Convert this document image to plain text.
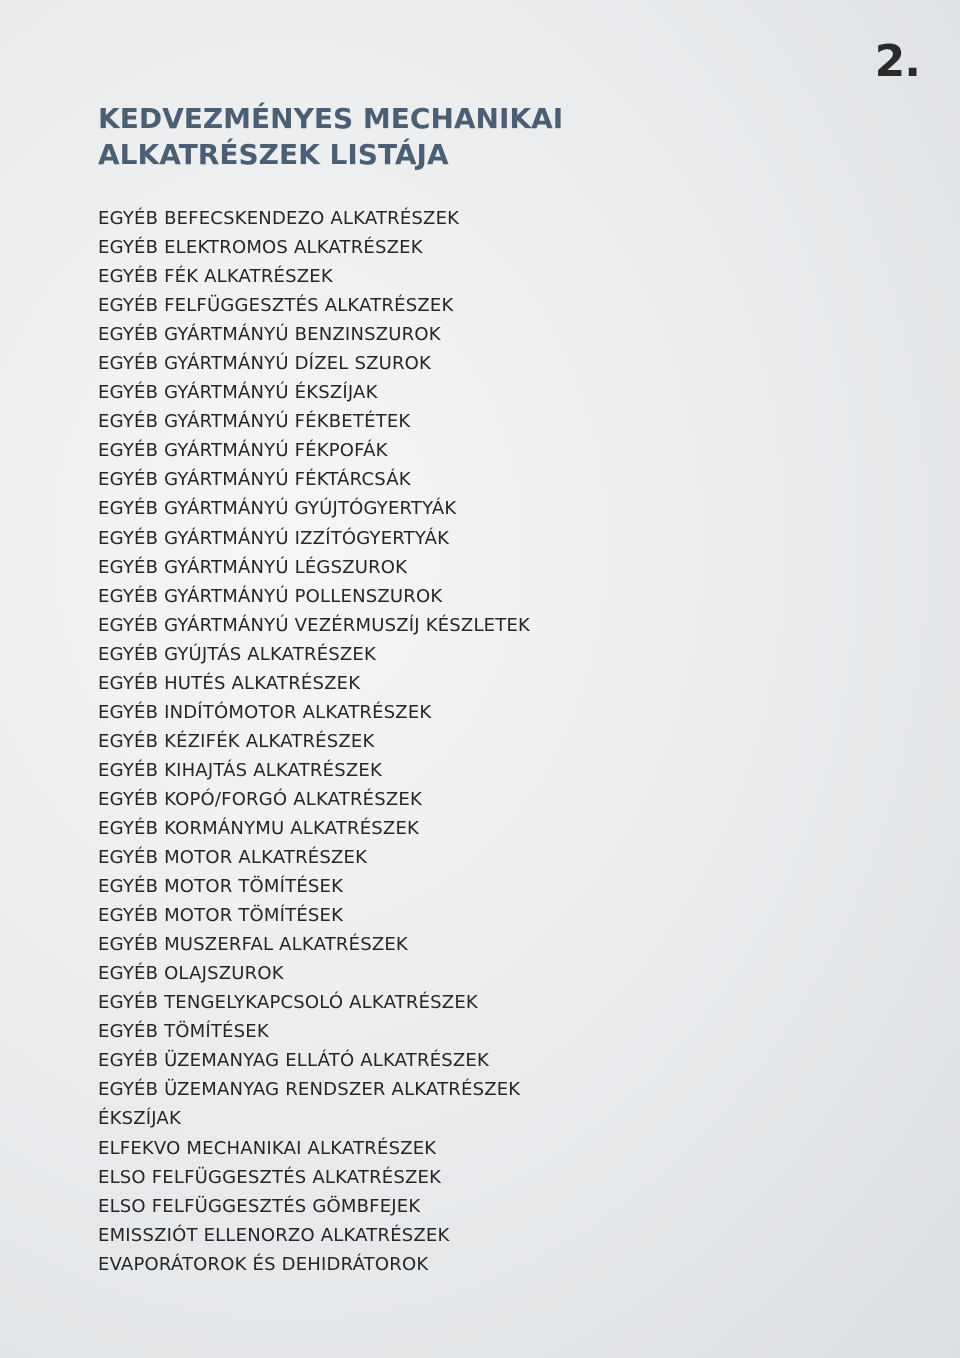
2.
KEDVEZMÉNYES MECHANIKAI
ALKATRÉSZEK LISTÁJA
EGYÉB BEFECSKENDEZO ALKATRÉSZEK
EGYÉB ELEKTROMOS ALKATRÉSZEK
EGYÉB FÉK ALKATRÉSZEK
EGYÉB FELFÜGGESZTÉS ALKATRÉSZEK
EGYÉB GYÁRTMÁNYÚ BENZINSZUROK
EGYÉB GYÁRTMÁNYÚ DÍZEL SZUROK
EGYÉB GYÁRTMÁNYÚ ÉKSZÍJAK
EGYÉB GYÁRTMÁNYÚ FÉKBETÉTEK
EGYÉB GYÁRTMÁNYÚ FÉKPOFÁK
EGYÉB GYÁRTMÁNYÚ FÉKTÁRCSÁK
EGYÉB GYÁRTMÁNYÚ GYÚJTÓGYERTYÁK
EGYÉB GYÁRTMÁNYÚ IZZÍTÓGYERTYÁK
EGYÉB GYÁRTMÁNYÚ LÉGSZUROK
EGYÉB GYÁRTMÁNYÚ POLLENSZUROK
EGYÉB GYÁRTMÁNYÚ VEZÉRMUSZÍJ KÉSZLETEK
EGYÉB GYÚJTÁS ALKATRÉSZEK
EGYÉB HUTÉS ALKATRÉSZEK
EGYÉB INDÍTÓMOTOR ALKATRÉSZEK
EGYÉB KÉZIFÉK ALKATRÉSZEK
EGYÉB KIHAJTÁS ALKATRÉSZEK
EGYÉB KOPÓ/FORGÓ ALKATRÉSZEK
EGYÉB KORMÁNYMU ALKATRÉSZEK
EGYÉB MOTOR ALKATRÉSZEK
EGYÉB MOTOR TÖMÍTÉSEK
EGYÉB MOTOR TÖMÍTÉSEK
EGYÉB MUSZERFAL ALKATRÉSZEK
EGYÉB OLAJSZUROK
EGYÉB TENGELYKAPCSOLÓ ALKATRÉSZEK
EGYÉB TÖMÍTÉSEK
EGYÉB ÜZEMANYAG ELLÁTÓ ALKATRÉSZEK
EGYÉB ÜZEMANYAG RENDSZER ALKATRÉSZEK
ÉKSZÍJAK
ELFEKVO MECHANIKAI ALKATRÉSZEK
ELSO FELFÜGGESZTÉS ALKATRÉSZEK
ELSO FELFÜGGESZTÉS GÖMBFEJEK
EMISSZIÓT ELLENORZO ALKATRÉSZEK
EVAPORÁTOROK ÉS DEHIDRÁTOROK
